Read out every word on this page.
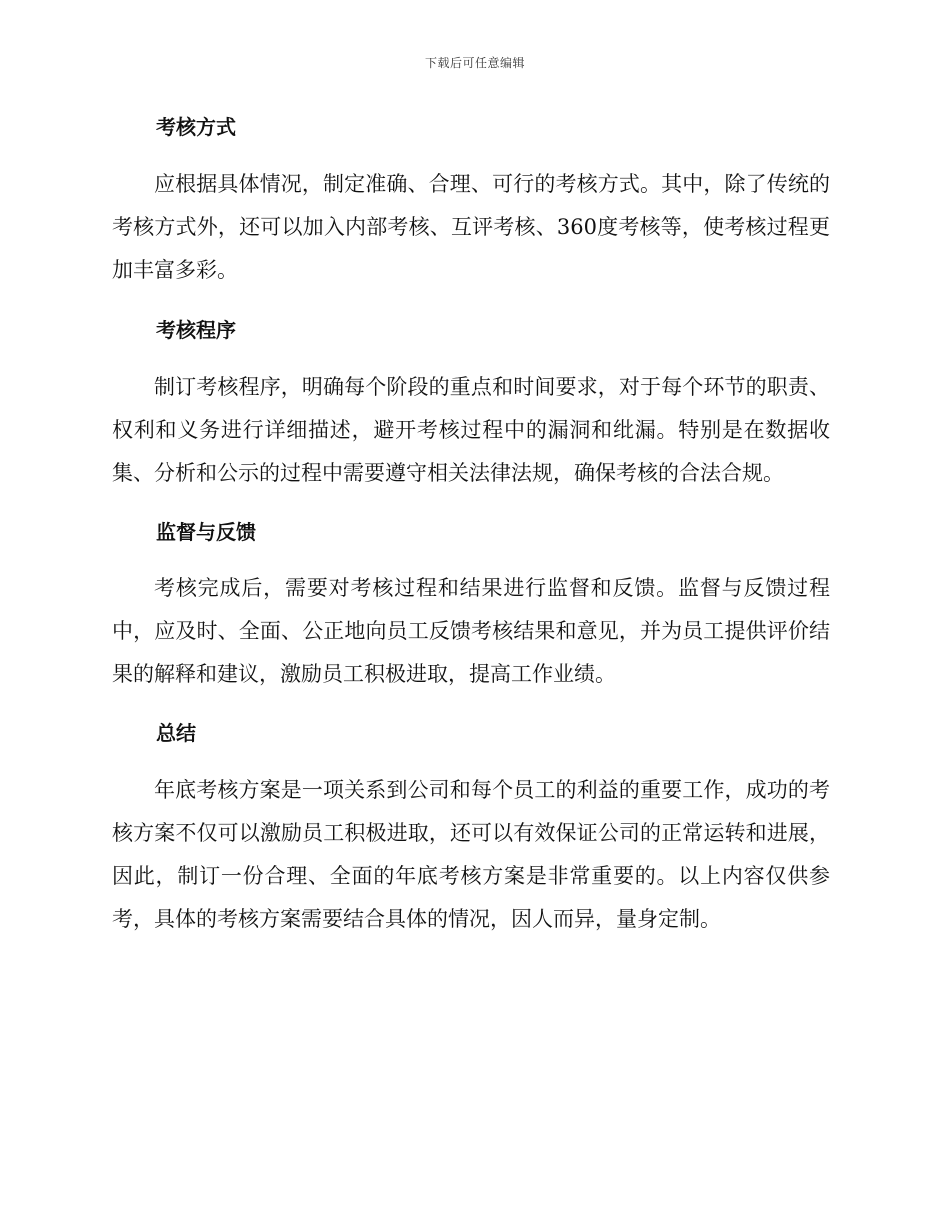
下载后可任意编辑
考核方式

应根据具体情况，制定准确、合理、可行的考核方式。其中，除了传统的考核方式外，还可以加入内部考核、互评考核、360度考核等，使考核过程更加丰富多彩。

考核程序

制订考核程序，明确每个阶段的重点和时间要求，对于每个环节的职责、权利和义务进行详细描述，避开考核过程中的漏洞和纰漏。特别是在数据收集、分析和公示的过程中需要遵守相关法律法规，确保考核的合法合规。

监督与反馈

考核完成后，需要对考核过程和结果进行监督和反馈。监督与反馈过程中，应及时、全面、公正地向员工反馈考核结果和意见，并为员工提供评价结果的解释和建议，激励员工积极进取，提高工作业绩。

总结

年底考核方案是一项关系到公司和每个员工的利益的重要工作，成功的考核方案不仅可以激励员工积极进取，还可以有效保证公司的正常运转和进展，因此，制订一份合理、全面的年底考核方案是非常重要的。以上内容仅供参考，具体的考核方案需要结合具体的情况，因人而异，量身定制。
